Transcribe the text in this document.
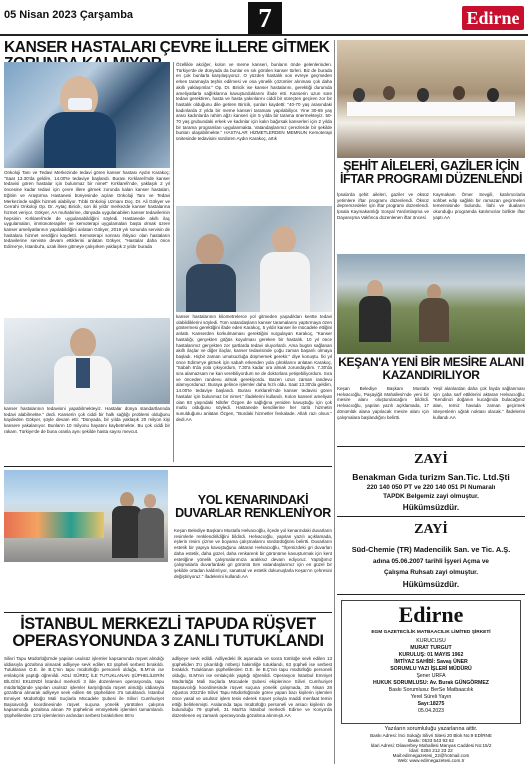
05 Nisan 2023 Çarşamba	7	Edirne
KANSER HASTALARI ÇEVRE İLLERE GİTMEK
Onkoloji Tanı ve Tedavi Merkezinde tedavi gören kanser hastası Aydın Karakoç; "Saat 13.30'da geldim, 14.00'te tedaviye başlandı. Burası Kırklareli'nde kanser tedavisi gören hastalar için bulunmaz bir nimet" Kırklareli'nde, yaklaşık 2 yıl öncesine kadar tedavi için çevre illere gitmek zorunda kalan kanser hastaları, Eğitim ve Araştırma Hastanesi bünyesinde açılan Onkoloji Tanı ve Tedavi Merkezinde sağlık hizmeti alabiliyor. Tıbbi Onkoloji Uzmanı Doç. Dr. Ali Gökyer ve Cerrahi Onkoloji Op. Dr. Aytaç Biricik, son iki yıldır merkezde kanser hastalarına hizmet veriyor. Gökyer, AA muhabirine, dünyada uygulanabilen kanser tedavilerinin hepsinin Kırklareli'nde de uygulanabildiğini söyledi. Hastanede akıllı ilaç uygulamaları, immünoterapiler ve kemoterapi uygulamaları başta olmak üzere kanser ameliyatlarının yapılabildiğini anlatan Gökyer, 2019 yılı sonunda servisin de hastalara hizmet verdiğini kaydetti. Kemoterapi sonrası ihtiyacı olan hastaların tedavilerine serviste devam ettiklerini anlatan Gökyer, "Hastalar daha önce Edirne'ye, İstanbul'a, uzak illere gitmeye çalışırken yaklaşık 2 yıldır burada
kanser hastalarının tedavisini yapabilmekteyiz. Hastalar dünya standartlarında tedavi alabilmekte." dedi. Kanserin çok ciddi bir halk sağlığı problemi olduğunu kaydeden Gökyer, şöyle devam etti: "Dünyada, bir yılda yaklaşık 20 milyon kişi kansere yakalanıyor. Bunların 10 milyonu hayatını kaybetmekte. Bu çok ciddi bir rakam. Türkiye'de de buna oranla aynı şekilde hasta sayısı mevcut.
Özellikle akciğer, kolon ve meme kanseri, bunların önde gelenlerinden. Türkiye'de de dünyada da bunlar en sık görülen kanser türleri. Biz de burada en çok bunlarla karşılaşıyoruz. O yüzden hastalık son evreye geçmeden erken taramayla teşhis edilmesi ve ona yönelik çözümler alınması çok daha akıllı yaklaşımlar." Op. Dr. Biricik ise kanser hastalarını, gerektiği durumda ameliyatlarla sağlıklarına kavuşturduklarını ifade etti. Kanserin uzun süre tedavi gerektiren, hasta ve hasta yakınlarını ciddi bir süreçten geçiren zor bir hastalık olduğunu dile getiren Biricik, şunları kaydetti: "40-70 yaş arasındaki kadınlarda 2 yılda bir meme kanseri taraması yapılabiliyor. Yine 30-65 yaş arası kadınlarda rahim ağzı kanseri için 5 yılda bir tarama önermekteyiz. 50-70 yaş grubundaki erkek ve kadınlar için kalın bağırsak kanserleri için 2 yılda bir tarama programları uygulanmakta. Vatandaşlarımız çerezlerde bir şekilde bunları ulaşabilmekte." HASTALAR HİZMETLERDEN MEMNUN Kemoterapi ünitesinde tedavisini sürdüren Aydın Karakoç, artık
kanser hastalarının kilometrelerce yol gitmeden yaşadıkları kentte tedavi olabildiklerini söyledi. Tüm vatandaşların kanser taramalarını yaptırmaya özen göstermesi gerektiğini ifade eden Karakoç, 5 yıldır kanser ile mücadele ettiğini anlattı. Kanserden korkulmaması gerektiğini vurgulayan Karakoç, "Kanser hastalığı, gerçekten göğüs koyulması gereken bir hastalık. 10 yıl önce hastalarımız gerçekten zor şartlarda tedavi oluyorlardı. Ama bugün sağlanan akıllı ilaçlar ve diğer ilaçlar, kanser tedavisinde çoğu zaman başarılı olmaya başladı. Hiçbir zaman umutsuzluğa düşmemek gerekir." diye konuştu. İki yıl önce Edirne'ye gitmek için sabah erkenden yola çıktıklarını anlatan Karakoç, "Sabah 6'da yola çıkıyordum, 7.30'a kadar ora almak zorundaydım. 7.30'da sıra alamazsam ne kan verebiliyordum ne de doktorlara yetişebiliyordum. Sıra ve önceden randevu almak gerekiyordu. Bazen uzun zaman randevu alamıyordunuz. Buraya gelince işlemler daha hızlı oldu. Saat 13.30'da geldim, 14.00'te tedaviye başlandı. Burası Kırklareli'nde kanser tedavisi gören hastalar için bulunmaz bir nimet." ifadelerini kullandı. Kolon kanseri ameliyatı olan 83 yaşındaki Nilüfer Özgen de sağlığına yeniden kavuştuğu için çok mutlu olduğunu söyledi. Hastanede kendilerine her türlü hizmetin sunulduğunu anlatan Özgen, "Burdaki hizmetler fevkalade. Allah razı olsun." dedi.AA
ŞEHİT AİLELERİ, GAZİLER İÇİN İFTAR PROGRAMI DÜZENLENDİ
İpsala'da şehit aileleri, gaziler ve öksüz yetimlere iftar programı düzenlendi. Öksüz depremzedeler için iftar programı düzenlendi. İpsala Kaymakamlığı Sosyal Yardımlaşma ve Dayanışma Vakfınca düzenlenen iftar öncesi
Kaymakam Ömer Sevgili, katılımcılarla sohbet edip sağlıklı bir ramazan geçirmeleri temennisinde bulundu. İlahi ve duaların okunduğu programda katılımcılar birlikte iftar yaptı.AA
KEŞAN'A YENİ BİR MESİRE ALANI KAZANDIRILIYOR
Keşan Belediye Başkanı Mustafa Helvacıoğlu, Paşayiğit Mahallesi'nde yeni bir mesire alanı oluşturulacağını bildirdi. Helvacıoğlu, yapılan yazılı açıklamada, 17 dönümlük alana yapılacak mesire alanı için çalışmalara başlandığını belirtti.
Yeşil alanlardan daha çok fayda sağlanması için çaba sarf ettiklerini aktaran Helvacıoğlu, "Kendinizi doğanın kucağında bulacağınız alan, temiz havada zaman geçirmek isteyenlerin uğrak noktası olacak." ifadelerini kullandı.AA
ZAYİ
Benakman Gıda turizm San.Tic. Ltd.Şti
220 140 050 PT ve 220 140 051 PI Numaralı
TAPDK Belgemiz zayi olmuştur.
Hükümsüzdür.
ZAYİ
Süd-Chemie (TR) Madencilik San. ve Tic. A.Ş.
adına 05.06.2007 tarihli İşyeri Açma ve
Çalışma Ruhsatı zayi olmuştur.
Hükümsüzdür.
YOL KENARINDAKİ DUVARLAR RENKLENİYOR
Keşan Belediye Başkanı Mustafa Helvacıoğlu, ilçede yol kenarındaki duvarların resimlerle renklendirildiğini bildirdi. Helvacıoğlu, yapılan yazılı açıklamada, eşlerin resim çizme ve boyama çalışmalarını sürdürdüğünü belirtti. Duvarların estetik bir yapıya kavuştuğunu aktaran Helvacıoğlu, "İlçemizdeki gri duvarları daha estetik, daha güzel, daha renkarenk bir görünüme kavuşturmak için kent estetiğine yönelik çalışmalarımıza aralıksız devam ediyoruz. Yaptığımız çalışmalarla duvarlardaki gri görüntü tüm vatandaşlarımız için en güzel bir şekilde ortadan kaldırılıyor, sanatsal ve estetik dokunuşlarla Keşan'ın çehresini değiştiriyoruz." ifadelerini kullandı.AA
İSTANBUL MERKEZLİ TAPUDA RÜŞVET OPERASYONUNDA 3 ZANLI TUTUKLANDI
Silivri Tapu Müdürlüğü'nde yapılan usulsüz işlemler kapsamında rüşvet alındığı iddiasıyla gözaltına alınarak adliyeye sevk edilen 63 şüpheli serbest bırakıldı. Tutuklanan O.E. ile B.Ç'nin tapu müdürlüğü personeli olduğu, B.M'nin ise emlakçılık yaptığı öğrenildi. ADLİ SÜREÇ İLE TUTUKLANAN ŞÜPHELİLERİN BİLGİSİ EKLENDİ İstanbul merkezli 3 ilde düzenlenen operasyonda, tapu müdürlüğünde yapılan usulsüz işlemler karşılığında rüşvet alındığı iddiasıyla gözaltına alınarak adliyeye sevk edilen 66 şüpheliden 3'ü tutuklandı. İstanbul Emniyet Müdürlüğü Mali Suçlarla Mücadele Şubesi ile Silivri Cumhuriyet Başsavcılığı koordinesinde rüşvet suçuna yönelik yürütülen çalışma kapsamında gözaltına alınan 79 şüphelinin emniyetteki işlemleri tamamlandı. Şüphelilerden 13'ü işlemlerinin ardından serbest bırakılırken 66'sı
adliyeye sevk edildi. Adliyedeki ilk aşamada ve sonra tümlüğe sevk edilen 13 şüpheliden 3'ü çıkarıldığı nöbetçi hakimliğe tutuklandı, 63 şüpheli ise serbest bırakıldı. Tutuklanan şüphelilerden O.E. ile B.Ç'nin tapu müdürlüğü personeli olduğu, B.M'nin ise emlakçılık yaptığı öğrenildi. Operasyon İstanbul Emniyet Müdürlüğü Mali Suçlarla Mücadele Şubesi ekiplerince Silivri Cumhuriyet Başsavcılığı koordinesinde rüşvet suçuna yönelik çalışmada, 25 Nisan 28 Ağustos 2022'de Silivri Tapu Müdürlüğünde görev yapan bazı kişilerin işlemleri önce yasal ve usulsüz işlem tesis ederek rüşvet yoluyla maddi menfaat temin ettiği belirlenmişti. Aralarında tapu müdürlüğü personeli ve arsacı kişilerin de bulunduğu 79 şüpheli, 31 Mart'ta İstanbul merkezli Edirne ve Konya'da düzenlenen eş zamanlı operasyonda gözaltına alınmıştı.AA
Edirne
EGM GAZETECİLİK MATBAACILIK LİMİTED ŞİRKETİ
KURUCUSU
MURAT TURGUT
KURULUŞ: 01 MAYIS 1962
İMTİYAZ SAHİBİ: Savaş ÜNER
SORUMLU YAZI İŞLERİ MÜDÜRÜ
Şener URFA
HUKUK SORUMLUSU: Av. Burak GÜNGÖRMEZ
Baskı Sorumlusu: BerSe Matbaacılık
Yerel Süreli Yayın
Sayı:18275
05.04.2023
Yazıların sorumluluğu yazarlarına aittir.
Baskı Adresi: İnci Sokağı Silivri Sitesi 20 Blok No:9 EDİRNE
Baskı: 0533 543 93 62
İdari Adresi: Dilaverbey Mahallesi Manyas Caddesi No:15/2
İdari: 0284 212 23 22
Mail:edirnegazetesi_22@hotmail.com
Web: www.edirnegazetesi.com.tr
